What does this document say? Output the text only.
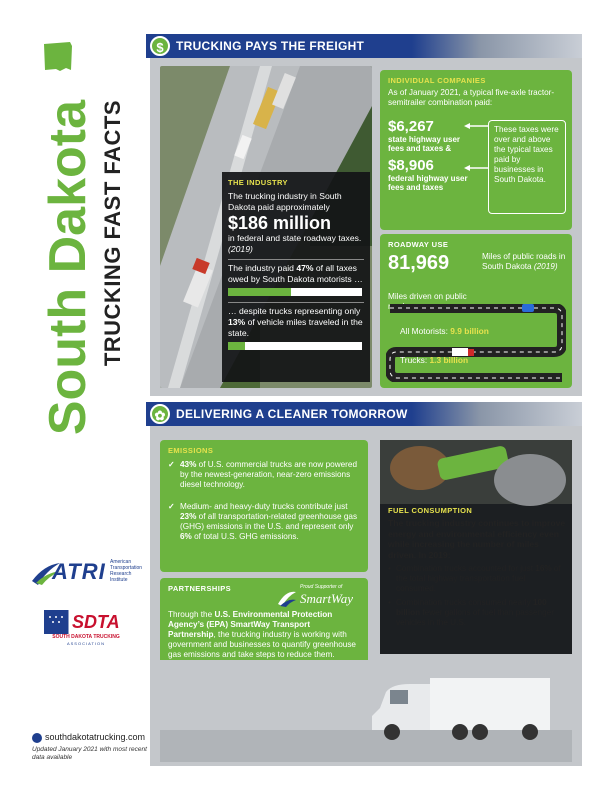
South Dakota TRUCKING FAST FACTS
ATRI American Transportation Research Institute
SDTA
SOUTH DAKOTA TRUCKING
ASSOCIATION
southdakotatrucking.com
Updated January 2021 with most recent data available
$	TRUCKING PAYS THE FREIGHT
THE INDUSTRY

The trucking industry in South Dakota paid approximately

$186 million

in federal and state roadway taxes. (2019)

The industry paid 47% of all taxes owed by South Dakota motorists …

… despite trucks representing only 13% of vehicle miles traveled in the state.

INDIVIDUAL COMPANIES
As of January 2021, a typical five-axle tractor-semitrailer combination paid:
$6,267
state highway user fees and taxes &
$8,906
federal highway user fees and taxes
These taxes were over and above the typical taxes paid by businesses in South Dakota.
ROADWAY USE
81,969	Miles of public roads in South Dakota (2019)
Miles driven on public roads:
All Motorists: 9.9 billion
Trucks: 1.3 billion
✿ DELIVERING A CLEANER TOMORROW
EMISSIONS
✓ 43% of U.S. commercial trucks are now powered by the newest-generation, near-zero emissions diesel technology.
✓ Medium- and heavy-duty trucks contribute just 23% of all transportation-related greenhouse gas (GHG) emissions in the U.S. and represent only 6% of total U.S. GHG emissions.
PARTNERSHIPS	Proud Supporter of
SmartWay
Through the U.S. Environmental Protection Agency’s (EPA) SmartWay Transport Partnership, the trucking industry is working with government and businesses to quantify greenhouse gas emissions and take steps to reduce them.
FUEL CONSUMPTION
The trucking industry continues to improve energy and environmental efficiency even while increasing the number of miles driven. In 2019:
• Combination trucks accounted for just 16% of the total highway transportation fuel consumed.
• Combination trucks consumed nearly 100 billion fewer gallons of fuel than passenger vehicles in the U.S.
